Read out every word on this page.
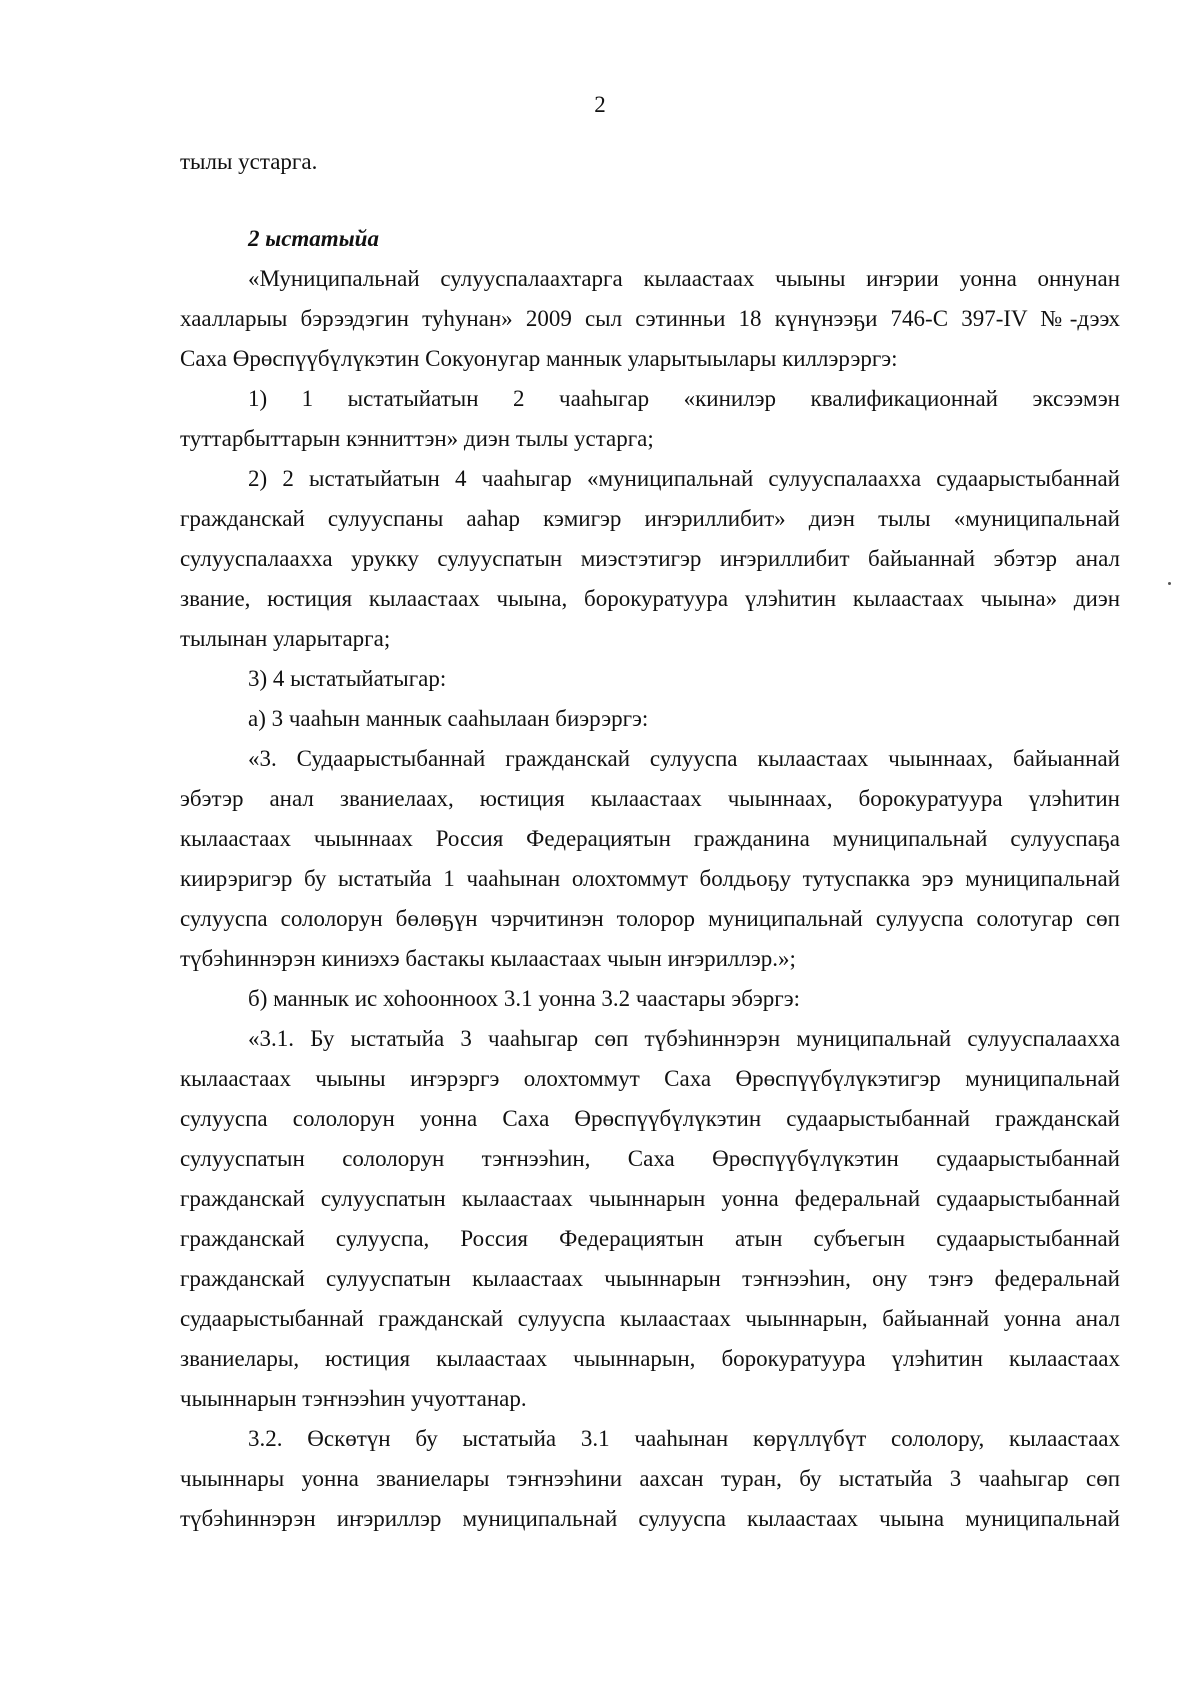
2
тылы устарга.
2 ыстатыйа
«Муниципальнай сулууспалаахтарга кылаастаах чыыны иҥэрии уонна оннунан
хаалларыы бэрээдэгин туһунан» 2009 сыл сэтинньи 18 күнүнээҕи 746-С 397-IV №-дээх
Саха Өрөспүүбүлүкэтин Сокуонугар маннык уларытыылары киллэрэргэ:
1) 1 ыстатыйатын 2 чааһыгар «кинилэр квалификационнай эксээмэн
туттарбыттарын кэнниттэн» диэн тылы устарга;
2) 2 ыстатыйатын 4 чааһыгар «муниципальнай сулууспалаахха судаарыстыбаннай
гражданскай сулууспаны ааһар кэмигэр иҥэриллибит» диэн тылы «муниципальнай
сулууспалаахха урукку сулууспатын миэстэтигэр иҥэриллибит байыаннай эбэтэр анал
звание, юстиция кылаастаах чыына, борокуратуура үлэһитин кылаастаах чыына» диэн
тылынан уларытарга;
3) 4 ыстатыйатыгар:
а) 3 чааһын маннык сааһылаан биэрэргэ:
«3. Судаарыстыбаннай гражданскай сулууспа кылаастаах чыыннаах, байыаннай
эбэтэр анал званиелаах, юстиция кылаастаах чыыннаах, борокуратуура үлэһитин
кылаастаах чыыннаах Россия Федерациятын гражданина муниципальнай сулууспаҕа
киирэригэр бу ыстатыйа 1 чааһынан олохтоммут болдьоҕу тутуспакка эрэ муниципальнай
сулууспа сололорун бөлөҕүн чэрчитинэн толорор муниципальнай сулууспа солотугар сөп
түбэһиннэрэн киниэхэ бастакы кылаастаах чыын иҥэриллэр.»;
б) маннык ис хоһоонноох 3.1 уонна 3.2 чаастары эбэргэ:
«3.1. Бу ыстатыйа 3 чааһыгар сөп түбэһиннэрэн муниципальнай сулууспалаахха
кылаастаах чыыны иҥэрэргэ олохтоммут Саха Өрөспүүбүлүкэтигэр муниципальнай
сулууспа сололорун уонна Саха Өрөспүүбүлүкэтин судаарыстыбаннай гражданскай
сулууспатын сололорун тэҥнээһин, Саха Өрөспүүбүлүкэтин судаарыстыбаннай
гражданскай сулууспатын кылаастаах чыыннарын уонна федеральнай судаарыстыбаннай
гражданскай сулууспа, Россия Федерациятын атын субъегын судаарыстыбаннай
гражданскай сулууспатын кылаастаах чыыннарын тэҥнээһин, ону тэҥэ федеральнай
судаарыстыбаннай гражданскай сулууспа кылаастаах чыыннарын, байыаннай уонна анал
званиелары, юстиция кылаастаах чыыннарын, борокуратуура үлэһитин кылаастаах
чыыннарын тэҥнээһин учуоттанар.
3.2. Өскөтүн бу ыстатыйа 3.1 чааһынан көрүллүбүт сололору, кылаастаах
чыыннары уонна званиелары тэҥнээһини аахсан туран, бу ыстатыйа 3 чааһыгар сөп
түбэһиннэрэн иҥэриллэр муниципальнай сулууспа кылаастаах чыына муниципальнай
